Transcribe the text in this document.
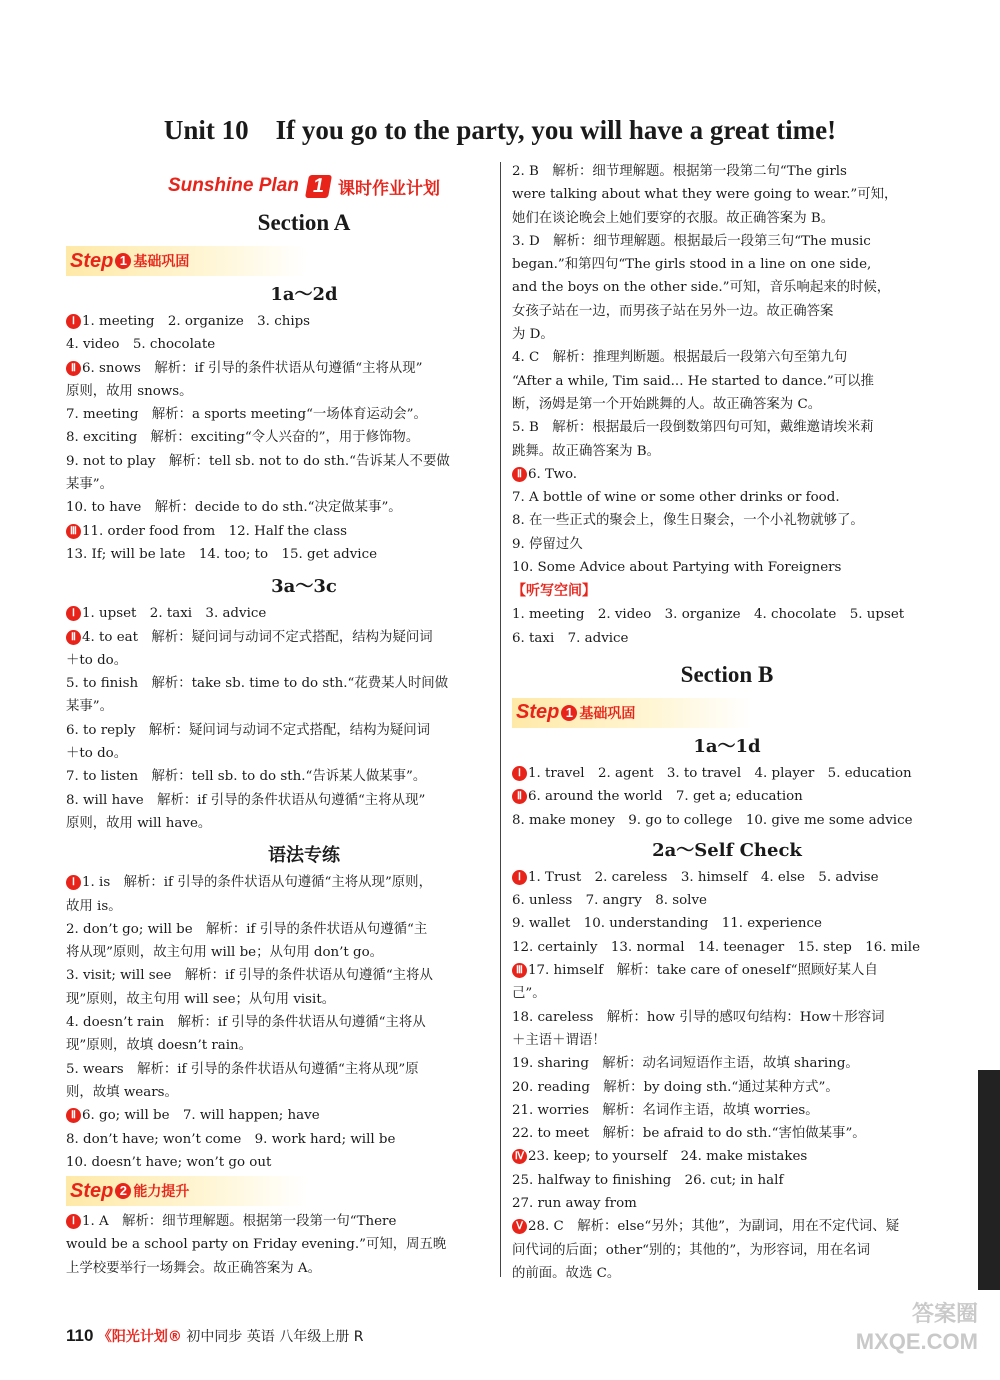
Unit 10　If you go to the party, you will have a great time!
Sunshine Plan 1 课时作业计划
Section A
Step 1 基础巩固
1a～2d
Ⅰ 1. meeting　2. organize　3. chips
4. video　5. chocolate
Ⅱ 6. snows　解析：if 引导的条件状语从句遵循“主将从现”
原则，故用 snows。
7. meeting　解析：a sports meeting“一场体育运动会”。
8. exciting　解析：exciting“令人兴奋的”，用于修饰物。
9. not to play　解析：tell sb. not to do sth.“告诉某人不要做
某事”。
10. to have　解析：decide to do sth.“决定做某事”。
Ⅲ 11. order food from　12. Half the class
13. If; will be late　14. too; to　15. get advice
3a～3c
Ⅰ 1. upset　2. taxi　3. advice
Ⅱ 4. to eat　解析：疑问词与动词不定式搭配，结构为疑问词
＋to do。
5. to finish　解析：take sb. time to do sth.“花费某人时间做
某事”。
6. to reply　解析：疑问词与动词不定式搭配，结构为疑问词
＋to do。
7. to listen　解析：tell sb. to do sth.“告诉某人做某事”。
8. will have　解析：if 引导的条件状语从句遵循“主将从现”
原则，故用 will have。
语法专练
Ⅰ 1. is　解析：if 引导的条件状语从句遵循“主将从现”原则，
故用 is。
2. don’t go; will be　解析：if 引导的条件状语从句遵循“主
将从现”原则，故主句用 will be；从句用 don’t go。
3. visit; will see　解析：if 引导的条件状语从句遵循“主将从
现”原则，故主句用 will see；从句用 visit。
4. doesn’t rain　解析：if 引导的条件状语从句遵循“主将从
现”原则，故填 doesn’t rain。
5. wears　解析：if 引导的条件状语从句遵循“主将从现”原
则，故填 wears。
Ⅱ 6. go; will be　7. will happen; have
8. don’t have; won’t come　9. work hard; will be
10. doesn’t have; won’t go out
Step 2 能力提升
Ⅰ 1. A　解析：细节理解题。根据第一段第一句“There
would be a school party on Friday evening.”可知，周五晚
上学校要举行一场舞会。故正确答案为 A。
2. B　解析：细节理解题。根据第一段第二句“The girls
were talking about what they were going to wear.”可知，
她们在谈论晚会上她们要穿的衣服。故正确答案为 B。
3. D　解析：细节理解题。根据最后一段第三句“The music
began.”和第四句“The girls stood in a line on one side,
and the boys on the other side.”可知，音乐响起来的时候，
女孩子站在一边，而男孩子站在另外一边。故正确答案
为 D。
4. C　解析：推理判断题。根据最后一段第六句至第九句
“After a while, Tim said... He started to dance.”可以推
断，汤姆是第一个开始跳舞的人。故正确答案为 C。
5. B　解析：根据最后一段倒数第四句可知，戴维邀请埃米莉
跳舞。故正确答案为 B。
Ⅱ 6. Two.
7. A bottle of wine or some other drinks or food.
8. 在一些正式的聚会上，像生日聚会，一个小礼物就够了。
9. 停留过久
10. Some Advice about Partying with Foreigners
【听写空间】
1. meeting　2. video　3. organize　4. chocolate　5. upset
6. taxi　7. advice
Section B
Step 1 基础巩固
1a～1d
Ⅰ 1. travel　2. agent　3. to travel　4. player　5. education
Ⅱ 6. around the world　7. get a; education
8. make money　9. go to college　10. give me some advice
2a～Self Check
Ⅰ 1. Trust　2. careless　3. himself　4. else　5. advise
6. unless　7. angry　8. solve
9. wallet　10. understanding　11. experience
12. certainly　13. normal　14. teenager　15. step　16. mile
Ⅲ 17. himself　解析：take care of oneself“照顾好某人自
己”。
18. careless　解析：how 引导的感叹句结构：How＋形容词
＋主语＋谓语！
19. sharing　解析：动名词短语作主语，故填 sharing。
20. reading　解析：by doing sth.“通过某种方式”。
21. worries　解析：名词作主语，故填 worries。
22. to meet　解析：be afraid to do sth.“害怕做某事”。
Ⅳ 23. keep; to yourself　24. make mistakes
25. halfway to finishing　26. cut; in half
27. run away from
Ⅴ 28. C　解析：else“另外；其他”，为副词，用在不定代词、疑
问代词的后面；other“别的；其他的”，为形容词，用在名词
的前面。故选 C。
110 《阳光计划® 初中同步 英语 八年级上册 R
答案圈 MXQE.COM
